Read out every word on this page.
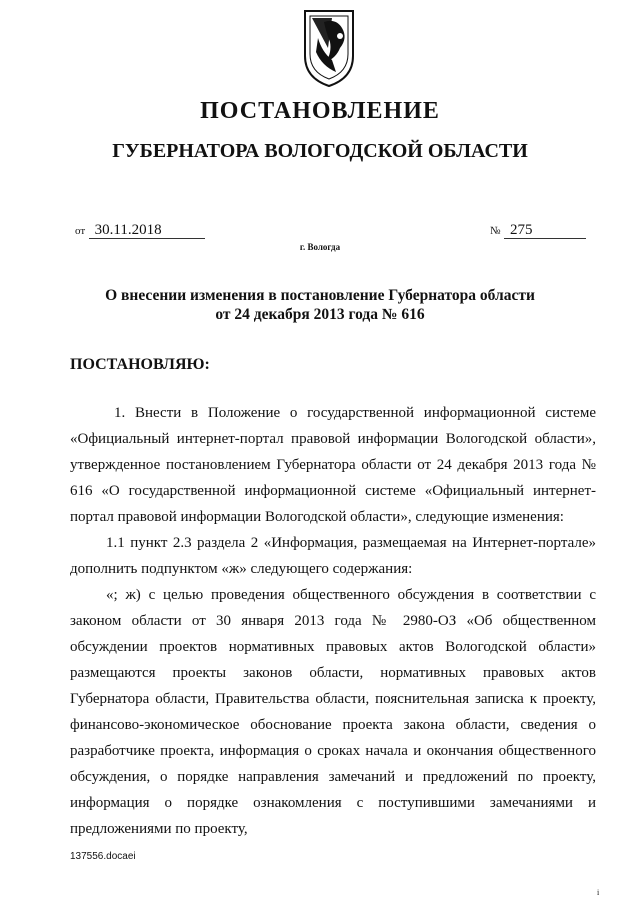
ПОСТАНОВЛЕНИЕ
ГУБЕРНАТОРА ВОЛОГОДСКОЙ ОБЛАСТИ
от 30.11.2018	№ 275
г. Вологда
О внесении изменения в постановление Губернатора области
от 24 декабря 2013 года № 616
ПОСТАНОВЛЯЮ:

1. Внести в Положение о государственной информационной системе «Официальный интернет-портал правовой информации Вологодской области», утвержденное постановлением Губернатора области от 24 декабря 2013 года № 616 «О государственной информационной системе «Официальный интернет-портал правовой информации Вологодской области», следующие изменения:

1.1 пункт 2.3 раздела 2 «Информация, размещаемая на Интернет-портале» дополнить подпунктом «ж» следующего содержания:

«; ж) с целью проведения общественного обсуждения в соответствии с законом области от 30 января 2013 года № 2980-ОЗ «Об общественном обсуждении проектов нормативных правовых актов Вологодской области» размещаются проекты законов области, нормативных правовых актов Губернатора области, Правительства области, пояснительная записка к проекту, финансово-экономическое обоснование проекта закона области, сведения о разработчике проекта, информация о сроках начала и окончания общественного обсуждения, о порядке направления замечаний и предложений по проекту, информация о порядке ознакомления с поступившими замечаниями и предложениями по проекту,

137556.docaei
i
